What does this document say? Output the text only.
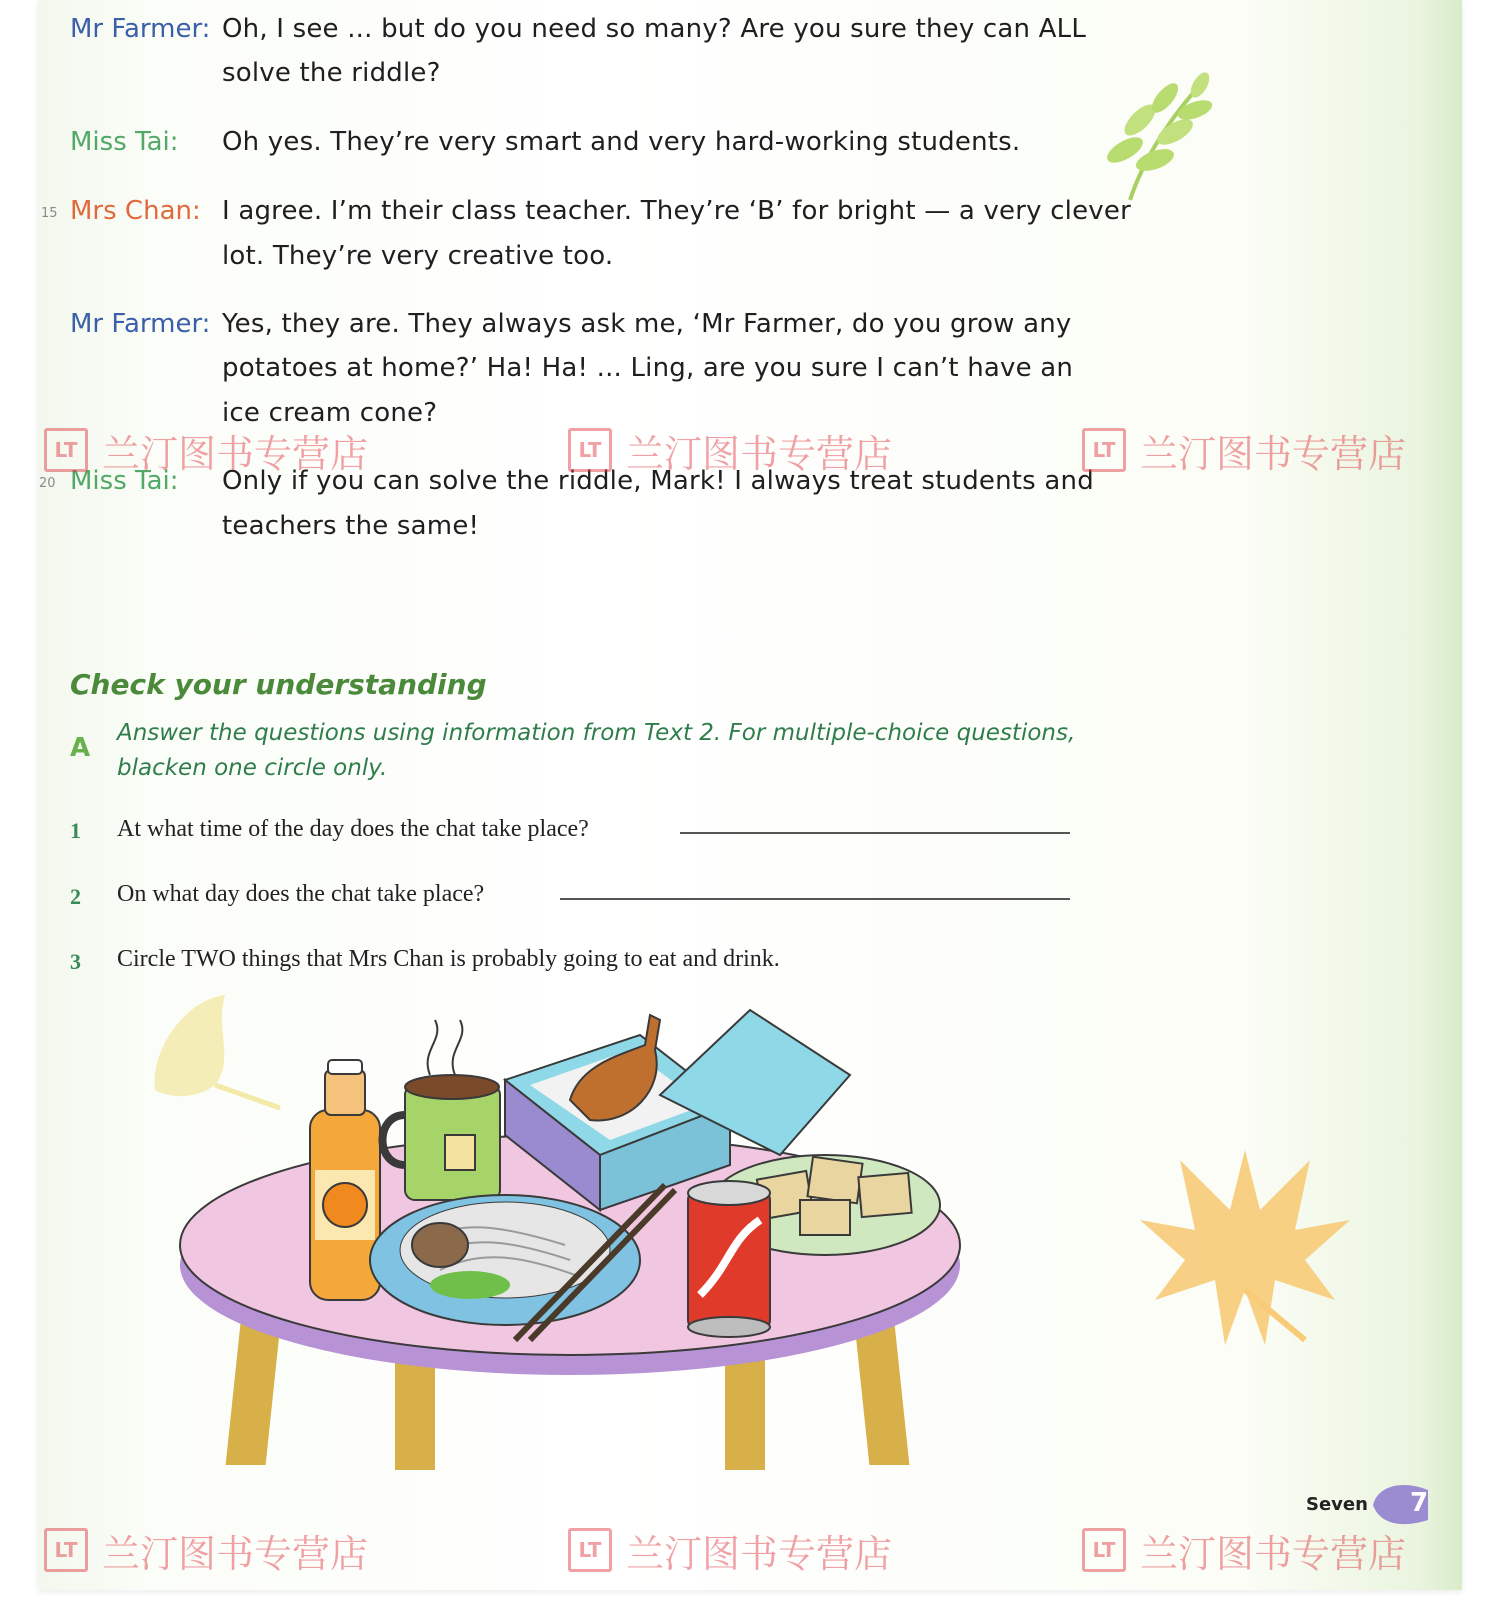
Mr Farmer: Oh, I see ... but do you need so many? Are you sure they can ALL
solve the riddle?
Miss Tai: Oh yes. They’re very smart and very hard-working students.
15 Mrs Chan: I agree. I’m their class teacher. They’re ‘B’ for bright — a very clever
lot. They’re very creative too.
Mr Farmer: Yes, they are. They always ask me, ‘Mr Farmer, do you grow any
potatoes at home?’ Ha! Ha! ... Ling, are you sure I can’t have an
ice cream cone?
20 Miss Tai: Only if you can solve the riddle, Mark! I always treat students and
teachers the same!
Check your understanding
A Answer the questions using information from Text 2. For multiple-choice questions,
blacken one circle only.
1 At what time of the day does the chat take place?
2 On what day does the chat take place?
3 Circle TWO things that Mrs Chan is probably going to eat and drink.
Seven 7
LT 兰汀图书专营店	LT 兰汀图书专营店	LT 兰汀图书专营店
LT 兰汀图书专营店	LT 兰汀图书专营店	LT 兰汀图书专营店
